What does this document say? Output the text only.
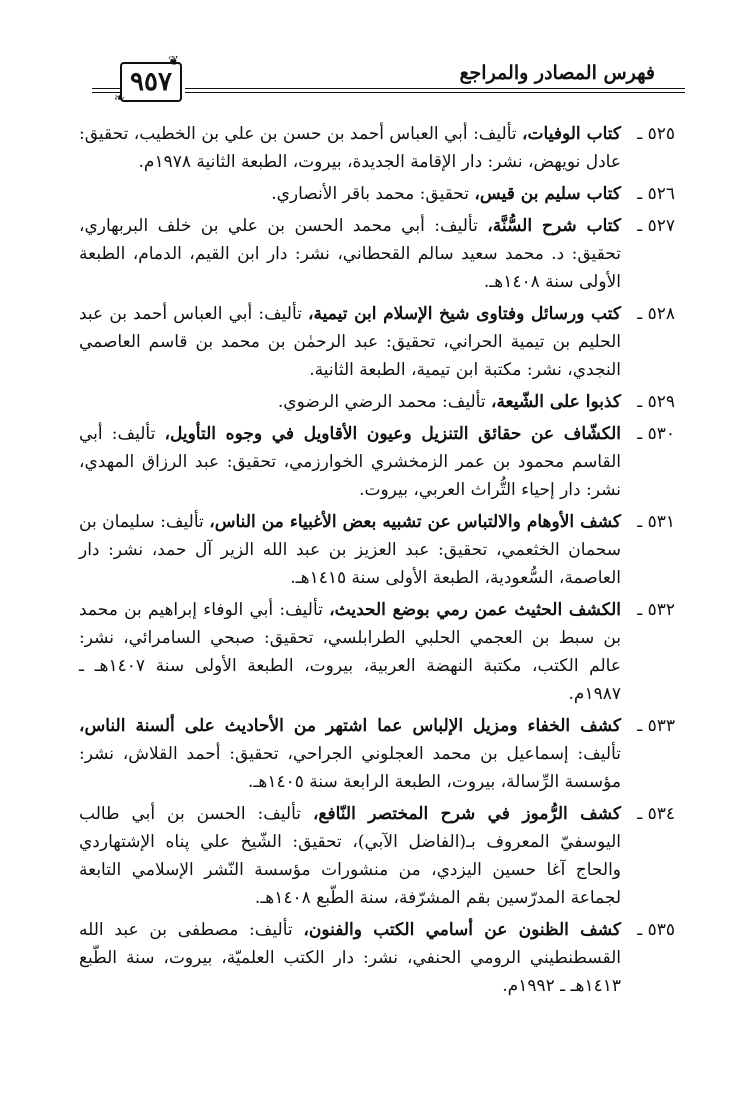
فهرس المصادر والمراجع
٩٥٧
❦
❧
٥٢٥ ـ
كتاب الوفيات، تأليف: أبي العباس أحمد بن حسن بن علي بن الخطيب، تحقيق: عادل نويهض، نشر: دار الإقامة الجديدة، بيروت، الطبعة الثانية ١٩٧٨م.
٥٢٦ ـ
كتاب سليم بن قيس، تحقيق: محمد باقر الأنصاري.
٥٢٧ ـ
كتاب شرح السُّنَّة، تأليف: أبي محمد الحسن بن علي بن خلف البربهاري، تحقيق: د. محمد سعيد سالم القحطاني، نشر: دار ابن القيم، الدمام، الطبعة الأولى سنة ١٤٠٨هـ.
٥٢٨ ـ
كتب ورسائل وفتاوى شيخ الإسلام ابن تيمية، تأليف: أبي العباس أحمد بن عبد الحليم بن تيمية الحراني، تحقيق: عبد الرحمٰن بن محمد بن قاسم العاصمي النجدي، نشر: مكتبة ابن تيمية، الطبعة الثانية.
٥٢٩ ـ
كذبوا على الشّيعة، تأليف: محمد الرضي الرضوي.
٥٣٠ ـ
الكشّاف عن حقائق التنزيل وعيون الأقاويل في وجوه التأويل، تأليف: أبي القاسم محمود بن عمر الزمخشري الخوارزمي، تحقيق: عبد الرزاق المهدي، نشر: دار إحياء التُّراث العربي، بيروت.
٥٣١ ـ
كشف الأوهام والالتباس عن تشبيه بعض الأغبياء من الناس، تأليف: سليمان بن سحمان الخثعمي، تحقيق: عبد العزيز بن عبد الله الزير آل حمد، نشر: دار العاصمة، السُّعودية، الطبعة الأولى سنة ١٤١٥هـ.
٥٣٢ ـ
الكشف الحثيث عمن رمي بوضع الحديث، تأليف: أبي الوفاء إبراهيم بن محمد بن سبط بن العجمي الحلبي الطرابلسي، تحقيق: صبحي السامرائي، نشر: عالم الكتب، مكتبة النهضة العربية، بيروت، الطبعة الأولى سنة ١٤٠٧هـ ـ ١٩٨٧م.
٥٣٣ ـ
كشف الخفاء ومزيل الإلباس عما اشتهر من الأحاديث على ألسنة الناس، تأليف: إسماعيل بن محمد العجلوني الجراحي، تحقيق: أحمد القلاش، نشر: مؤسسة الرِّسالة، بيروت، الطبعة الرابعة سنة ١٤٠٥هـ.
٥٣٤ ـ
كشف الرُّموز في شرح المختصر النّافع، تأليف: الحسن بن أبي طالب اليوسفيّ المعروف بـ(الفاضل الآبي)، تحقيق: الشّيخ علي پناه الإشتهاردي والحاج آغا حسين اليزدي، من منشورات مؤسسة النّشر الإسلامي التابعة لجماعة المدرّسين بقم المشرّفة، سنة الطّبع ١٤٠٨هـ.
٥٣٥ ـ
كشف الظنون عن أسامي الكتب والفنون، تأليف: مصطفى بن عبد الله القسطنطيني الرومي الحنفي، نشر: دار الكتب العلميّة، بيروت، سنة الطّبع ١٤١٣هـ ـ ١٩٩٢م.
